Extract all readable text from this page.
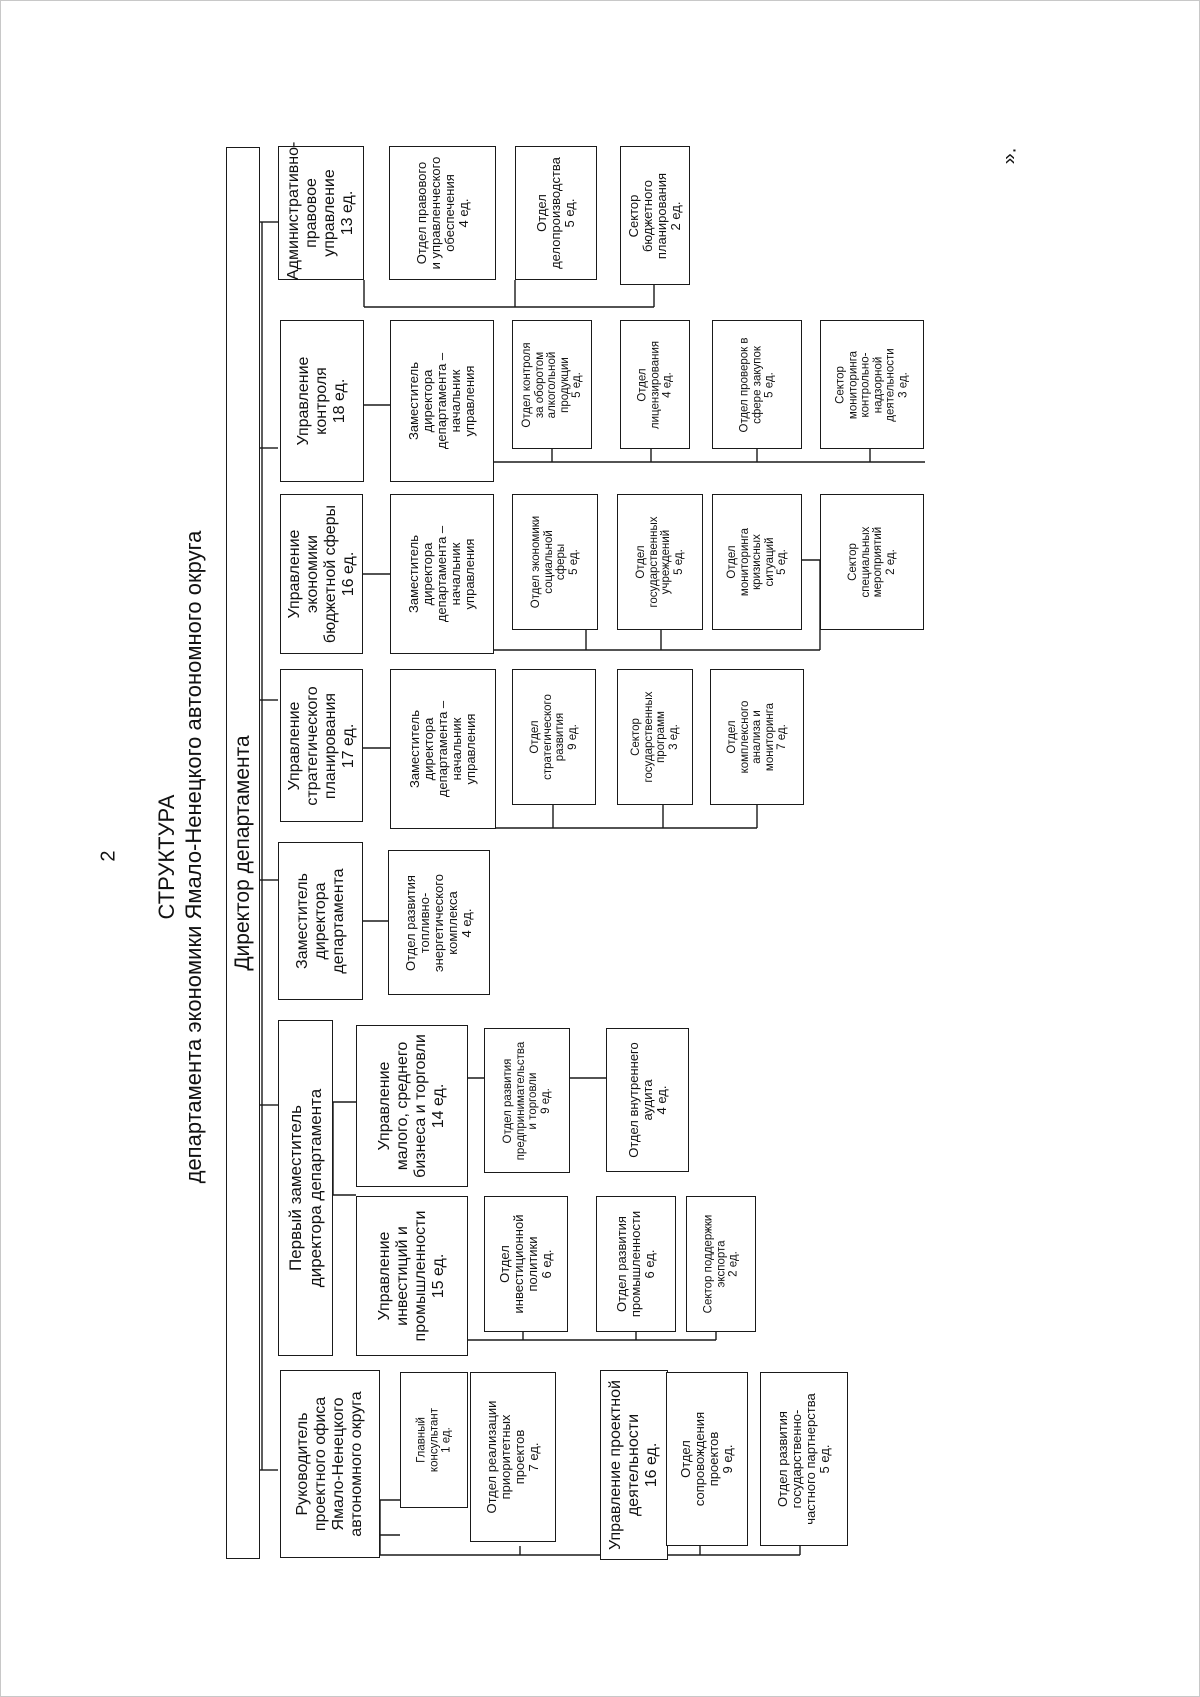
2 СТРУКТУРА департамента экономики Ямало-Ненецкого автономного округа
».
Директор департамента
Административно- правовое управление 13 ед.	Отдел правового и управленческого обеспечения 4 ед.	Отдел делопроизводства 5 ед.	Сектор бюджетного планирования 2 ед.
Управление контроля 18 ед.	Заместитель директора департамента – начальник управления	Отдел контроля за оборотом алкогольной продукции 5 ед.	Отдел лицензирования 4 ед.	Отдел проверок в сфере закупок 5 ед.	Сектор мониторинга контрольно- надзорной деятельности 3 ед.
Управление экономики бюджетной сферы 16 ед.	Заместитель директора департамента – начальник управления	Отдел экономики социальной сферы 5 ед.	Отдел государственных учреждений 5 ед.	Отдел мониторинга кризисных ситуаций 5 ед.	Сектор специальных мероприятий 2 ед.
Управление стратегического планирования 17 ед.	Заместитель директора департамента – начальник управления	Отдел стратегического развития 9 ед.	Сектор государственных программ 3 ед.	Отдел комплексного анализа и мониторинга 7 ед.
Заместитель директора департамента	Отдел развития топливно- энергетического комплекса 4 ед.
Первый заместитель директора департамента	Управление малого, среднего бизнеса и торговли 14 ед.	Отдел развития предпринимательства и торговли 9 ед.	Отдел внутреннего аудита 4 ед.
Управление инвестиций и промышленности 15 ед.	Отдел инвестиционной политики 6 ед.	Отдел развития промышленности 6 ед.	Сектор поддержки экспорта 2 ед.
Руководитель проектного офиса Ямало-Ненецкого автономного округа	Главный консультант 1 ед. Отдел реализации приоритетных проектов 7 ед.	Управление проектной деятельности 16 ед. Отдел сопровождения проектов 9 ед.	Отдел развития государственно- частного партнерства 5 ед.
